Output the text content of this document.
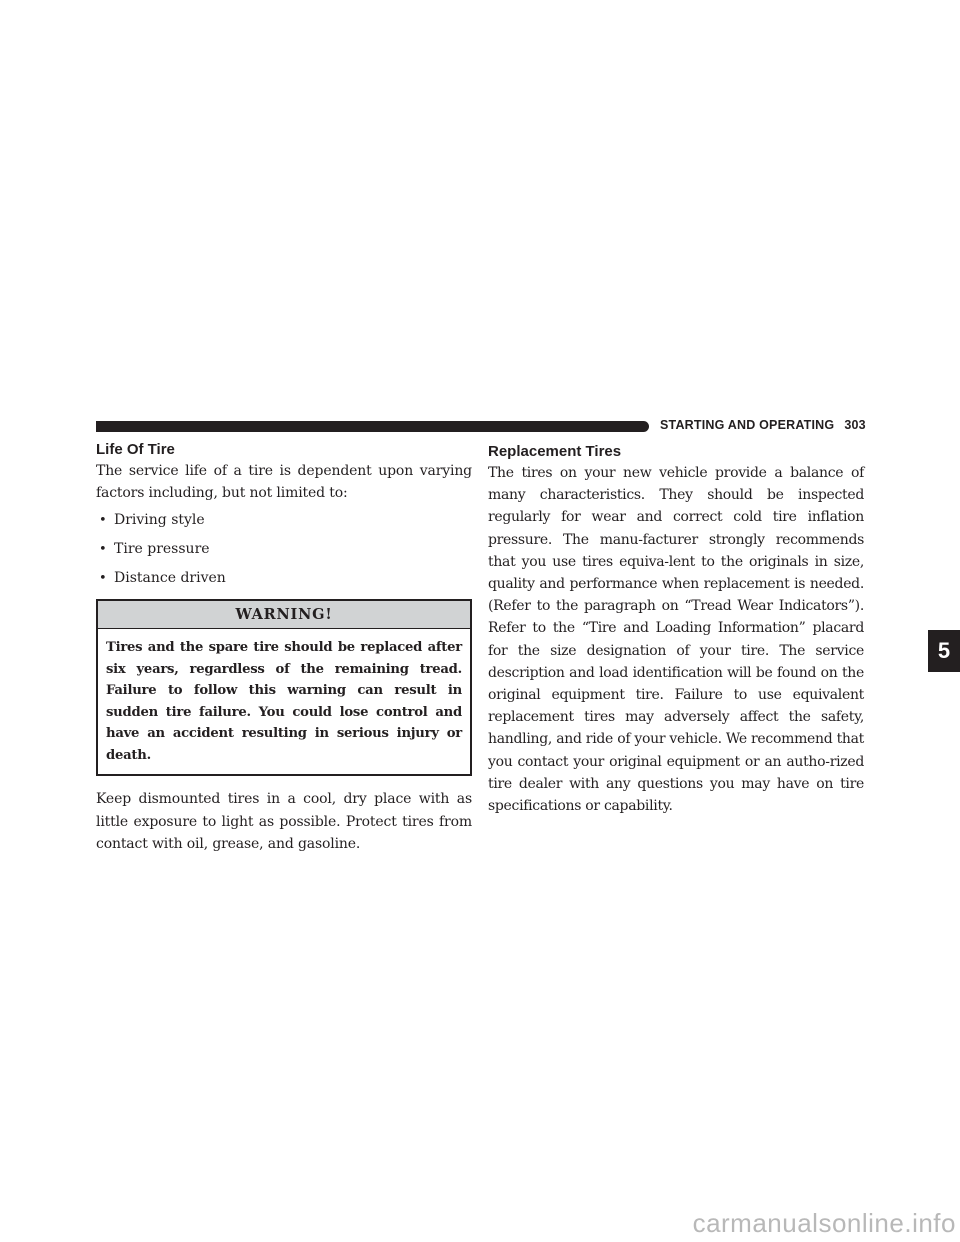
STARTING AND OPERATING 303
Life Of Tire

The service life of a tire is dependent upon varying factors including, but not limited to:

• Driving style
• Tire pressure
• Distance driven
WARNING!
Tires and the spare tire should be replaced after six years, regardless of the remaining tread. Failure to follow this warning can result in sudden tire failure. You could lose control and have an accident resulting in serious injury or death.

Keep dismounted tires in a cool, dry place with as little exposure to light as possible. Protect tires from contact with oil, grease, and gasoline.

Replacement Tires

The tires on your new vehicle provide a balance of many characteristics. They should be inspected regularly for wear and correct cold tire inflation pressure. The manu-facturer strongly recommends that you use tires equiva-lent to the originals in size, quality and performance when replacement is needed. (Refer to the paragraph on “Tread Wear Indicators”). Refer to the “Tire and Loading Information” placard for the size designation of your tire. The service description and load identification will be found on the original equipment tire. Failure to use equivalent replacement tires may adversely affect the safety, handling, and ride of your vehicle. We recommend that you contact your original equipment or an autho-rized tire dealer with any questions you may have on tire specifications or capability.

5
carmanualsonline.info
